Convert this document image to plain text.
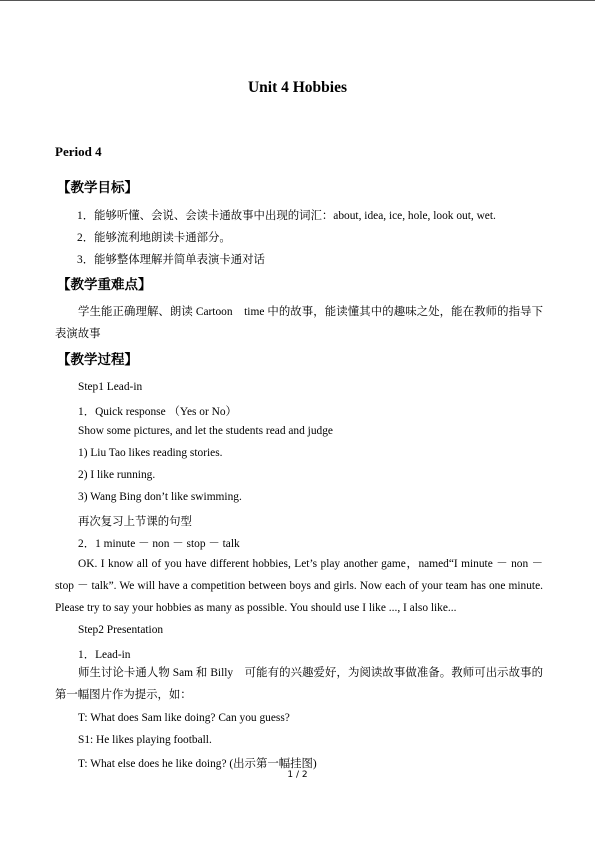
Unit 4 Hobbies
Period 4
【教学目标】
1．能够听懂、会说、会读卡通故事中出现的词汇：about, idea, ice, hole, look out, wet.
2．能够流利地朗读卡通部分。
3．能够整体理解并简单表演卡通对话
【教学重难点】
学生能正确理解、朗读 Cartoon　time 中的故事，能读懂其中的趣味之处，能在教师的指导下表演故事
【教学过程】
Step1 Lead-in
1．Quick response （Yes or No）
Show some pictures, and let the students read and judge
1) Liu Tao likes reading stories.
2) I like running.
3) Wang Bing don’t like swimming.
再次复习上节课的句型
2．1 minute － non － stop － talk
OK. I know all of you have different hobbies, Let’s play another game，named“I minute － non － stop － talk”. We will have a competition between boys and girls. Now each of your team has one minute. Please try to say your hobbies as many as possible. You should use I like ..., I also like...
Step2 Presentation
1．Lead-in
师生讨论卡通人物 Sam 和 Billy　可能有的兴趣爱好，为阅读故事做准备。教师可出示故事的第一幅图片作为提示，如：
T: What does Sam like doing? Can you guess?
S1: He likes playing football.
T: What else does he like doing? (出示第一幅挂图)
1 / 2
